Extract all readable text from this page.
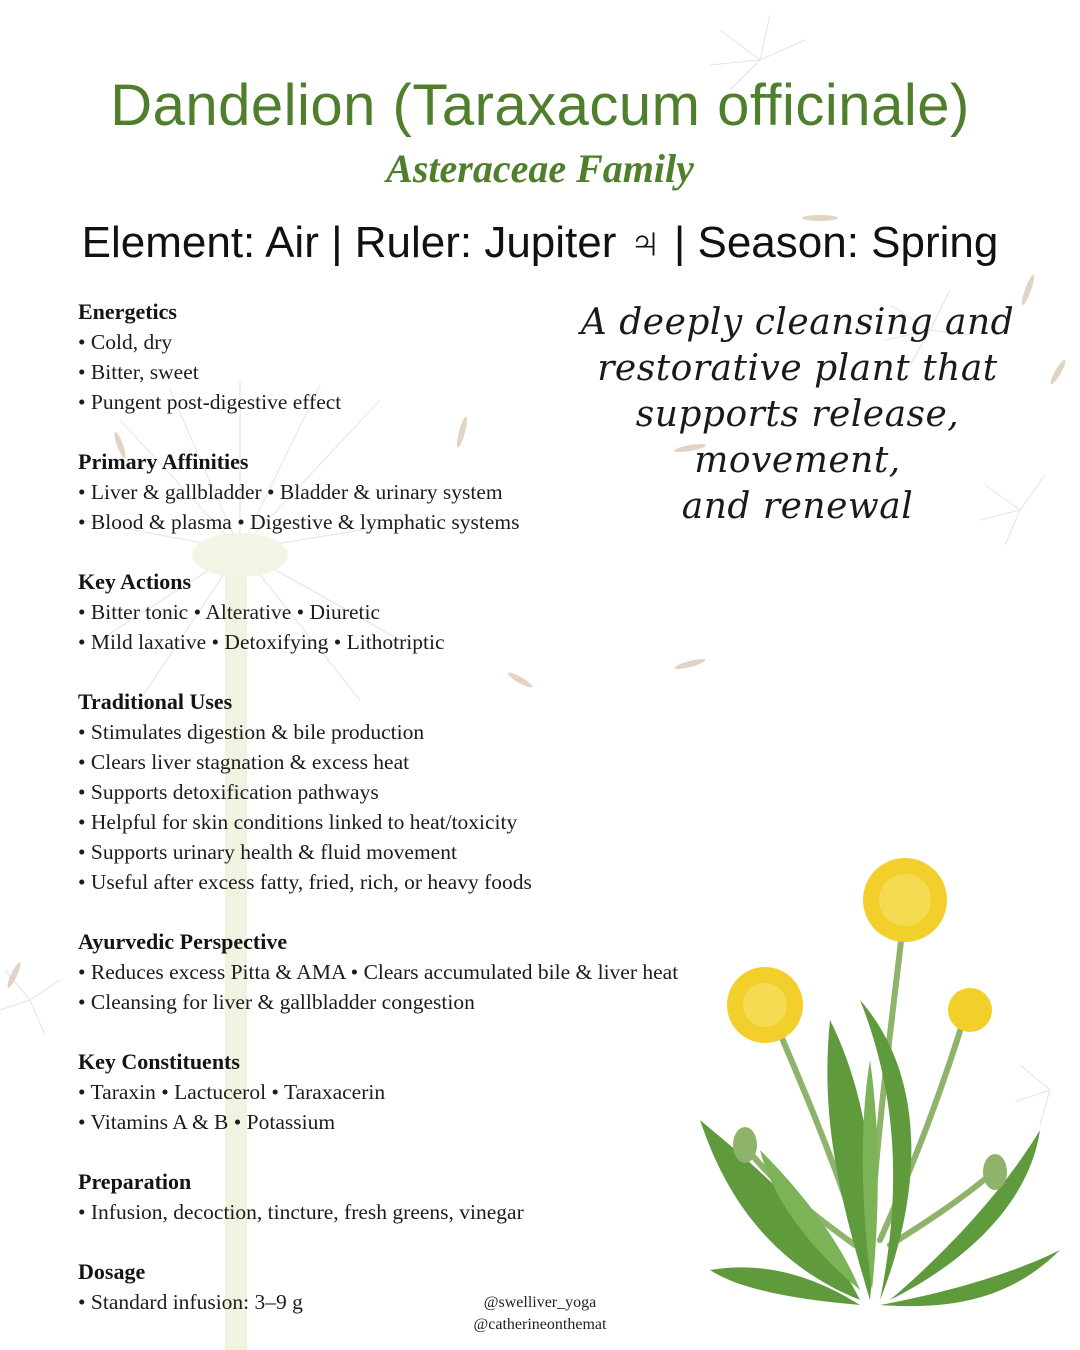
Dandelion (Taraxacum officinale)
Asteraceae Family
Element: Air | Ruler: Jupiter ♃ | Season: Spring
A deeply cleansing and
restorative plant that
supports release, movement,
and renewal
Energetics
• Cold, dry
• Bitter, sweet
• Pungent post-digestive effect
Primary Affinities
• Liver & gallbladder • Bladder & urinary system
• Blood & plasma • Digestive & lymphatic systems
Key Actions
• Bitter tonic • Alterative • Diuretic
• Mild laxative • Detoxifying • Lithotriptic
Traditional Uses
• Stimulates digestion & bile production
• Clears liver stagnation & excess heat
• Supports detoxification pathways
• Helpful for skin conditions linked to heat/toxicity
• Supports urinary health & fluid movement
• Useful after excess fatty, fried, rich, or heavy foods
Ayurvedic Perspective
• Reduces excess Pitta & AMA • Clears accumulated bile & liver heat
• Cleansing for liver & gallbladder congestion
Key Constituents
• Taraxin • Lactucerol • Taraxacerin
• Vitamins A & B • Potassium
Preparation
• Infusion, decoction, tincture, fresh greens, vinegar
Dosage
• Standard infusion: 3–9 g	@swelliver_yoga
@catherineonthemat
